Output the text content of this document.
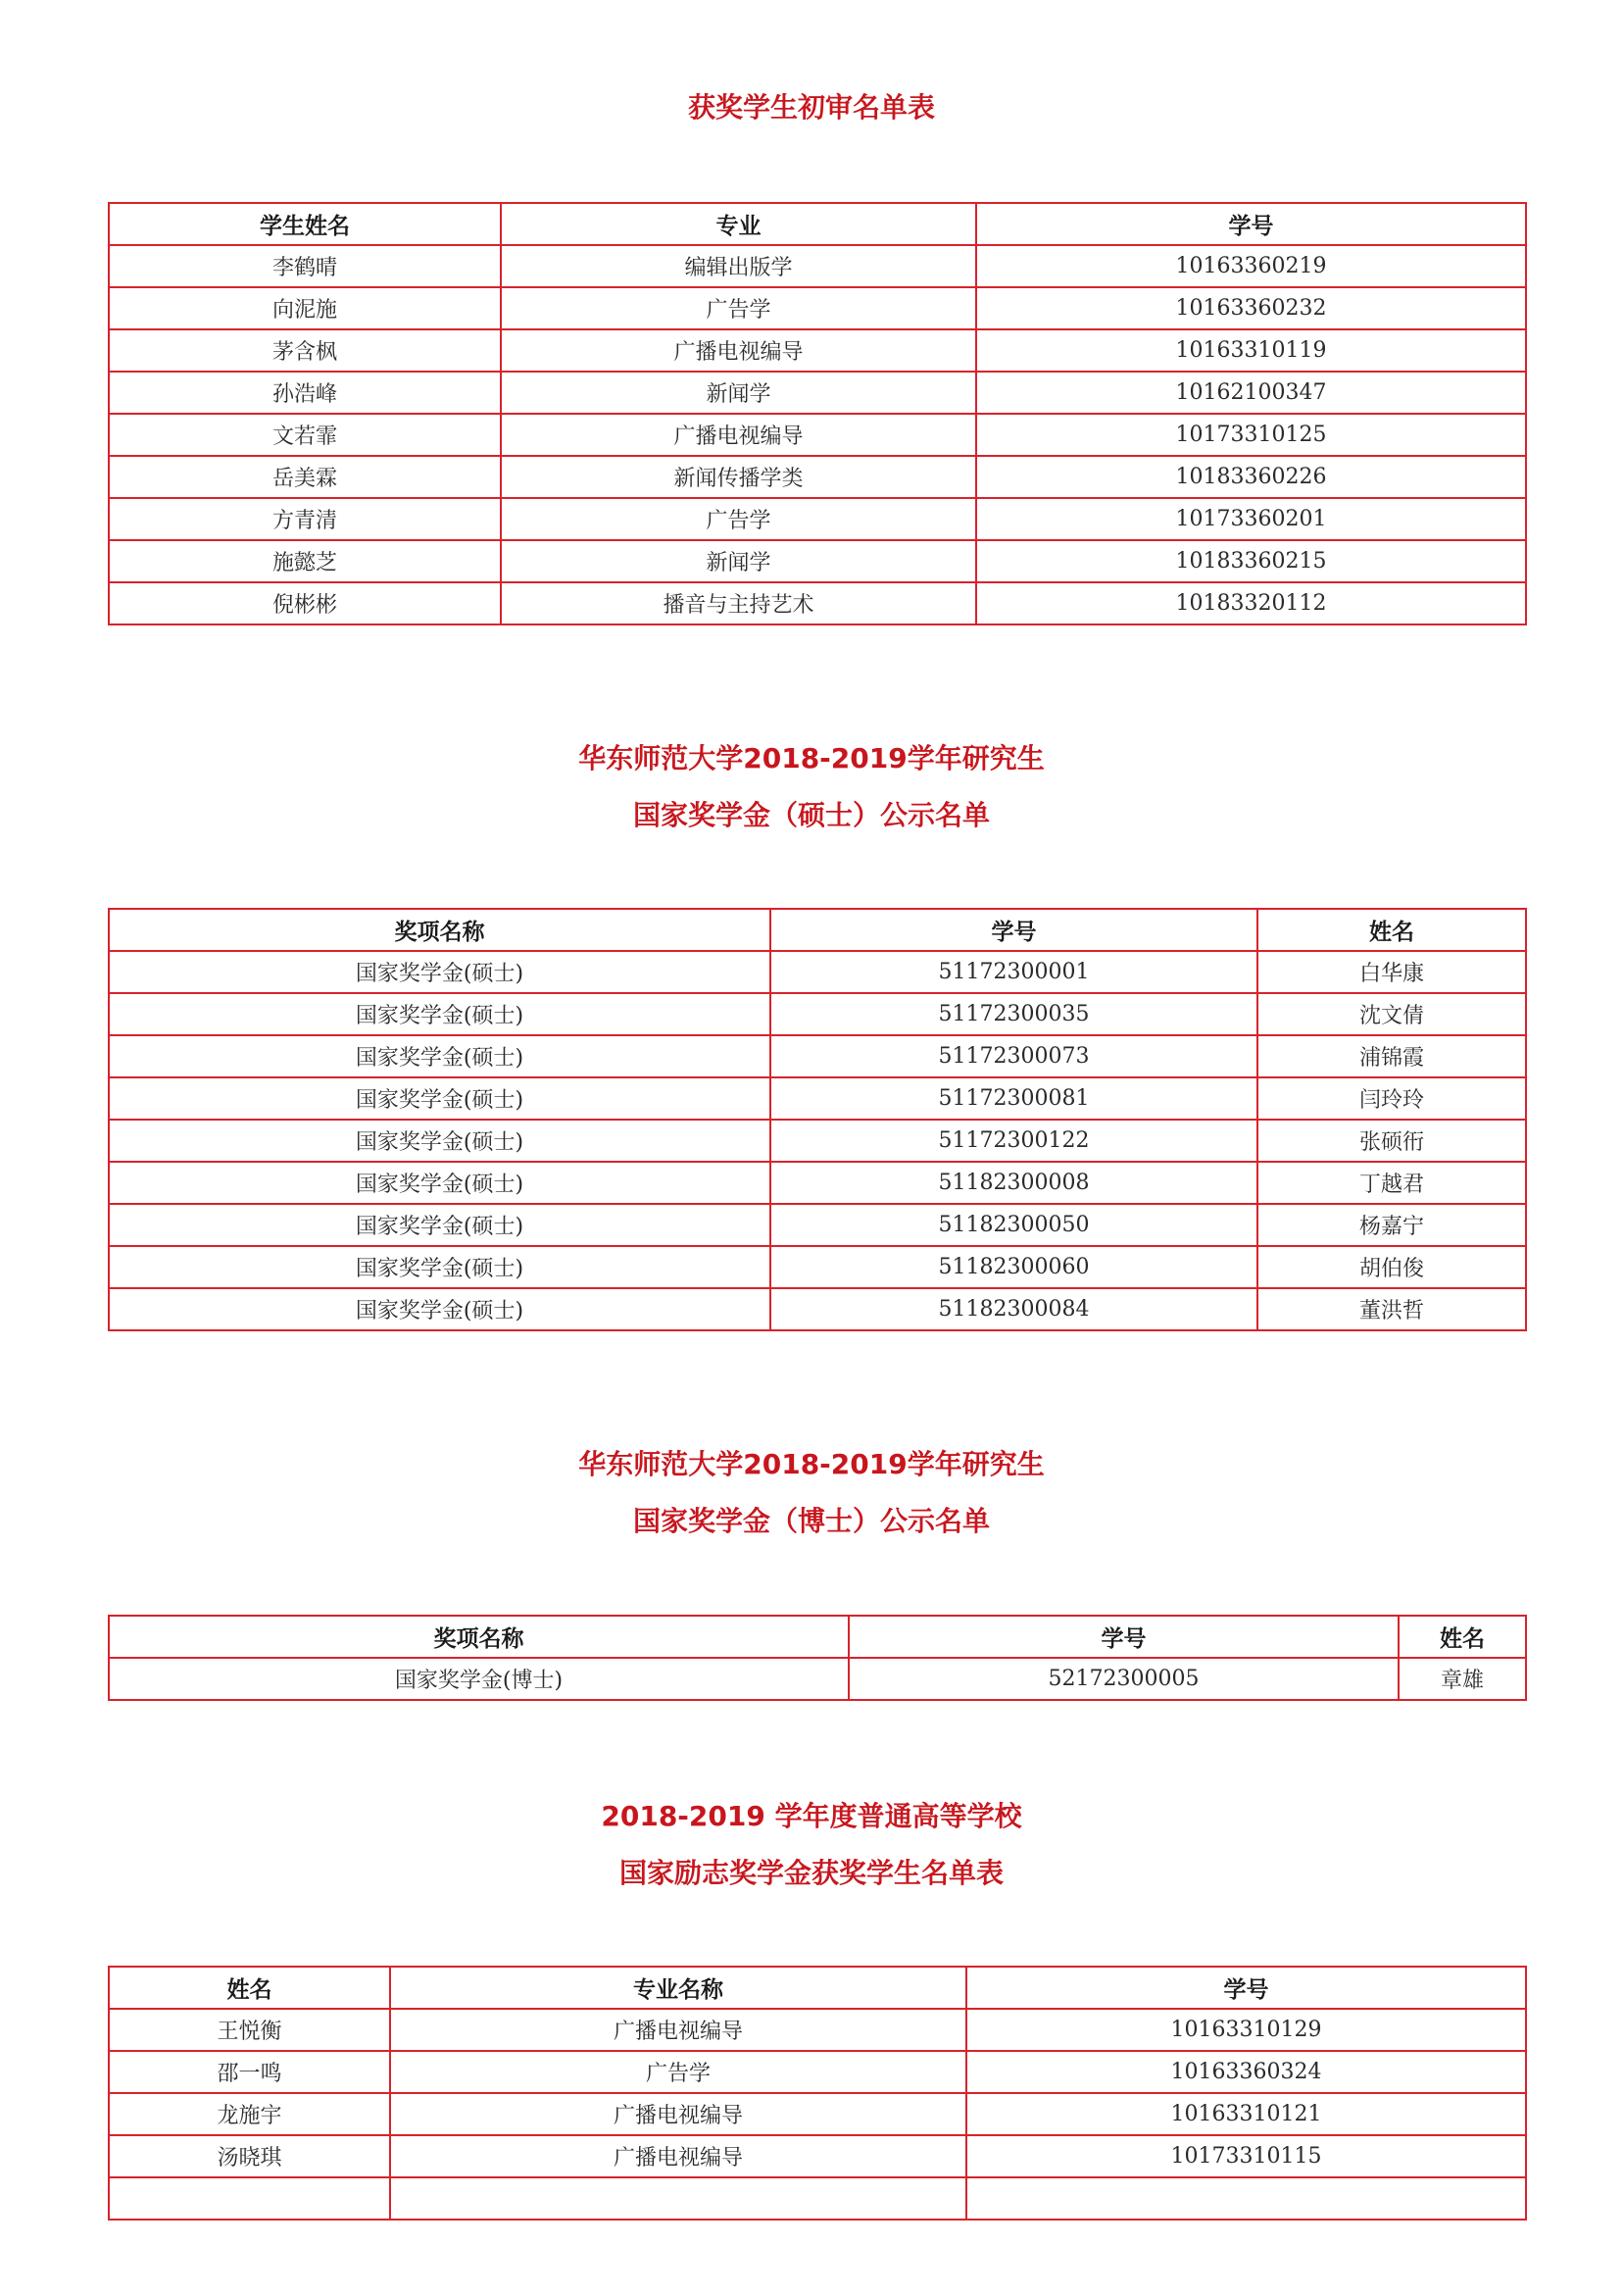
获奖学生初审名单表
学生姓名	专业	学号
李鹤晴	编辑出版学	10163360219
向泥施	广告学	10163360232
茅含枫	广播电视编导	10163310119
孙浩峰	新闻学	10162100347
文若霏	广播电视编导	10173310125
岳美霖	新闻传播学类	10183360226
方青清	广告学	10173360201
施懿芝	新闻学	10183360215
倪彬彬	播音与主持艺术	10183320112
华东师范大学2018-2019学年研究生
国家奖学金（硕士）公示名单
奖项名称	学号	姓名
国家奖学金(硕士)	51172300001	白华康
国家奖学金(硕士)	51172300035	沈文倩
国家奖学金(硕士)	51172300073	浦锦霞
国家奖学金(硕士)	51172300081	闫玲玲
国家奖学金(硕士)	51172300122	张硕衎
国家奖学金(硕士)	51182300008	丁越君
国家奖学金(硕士)	51182300050	杨嘉宁
国家奖学金(硕士)	51182300060	胡伯俊
国家奖学金(硕士)	51182300084	董洪哲
华东师范大学2018-2019学年研究生
国家奖学金（博士）公示名单
奖项名称	学号	姓名
国家奖学金(博士)	52172300005	章雄
2018-2019 学年度普通高等学校
国家励志奖学金获奖学生名单表
姓名	专业名称	学号
王悦衡	广播电视编导	10163310129
邵一鸣	广告学	10163360324
龙施宇	广播电视编导	10163310121
汤晓琪	广播电视编导	10173310115
